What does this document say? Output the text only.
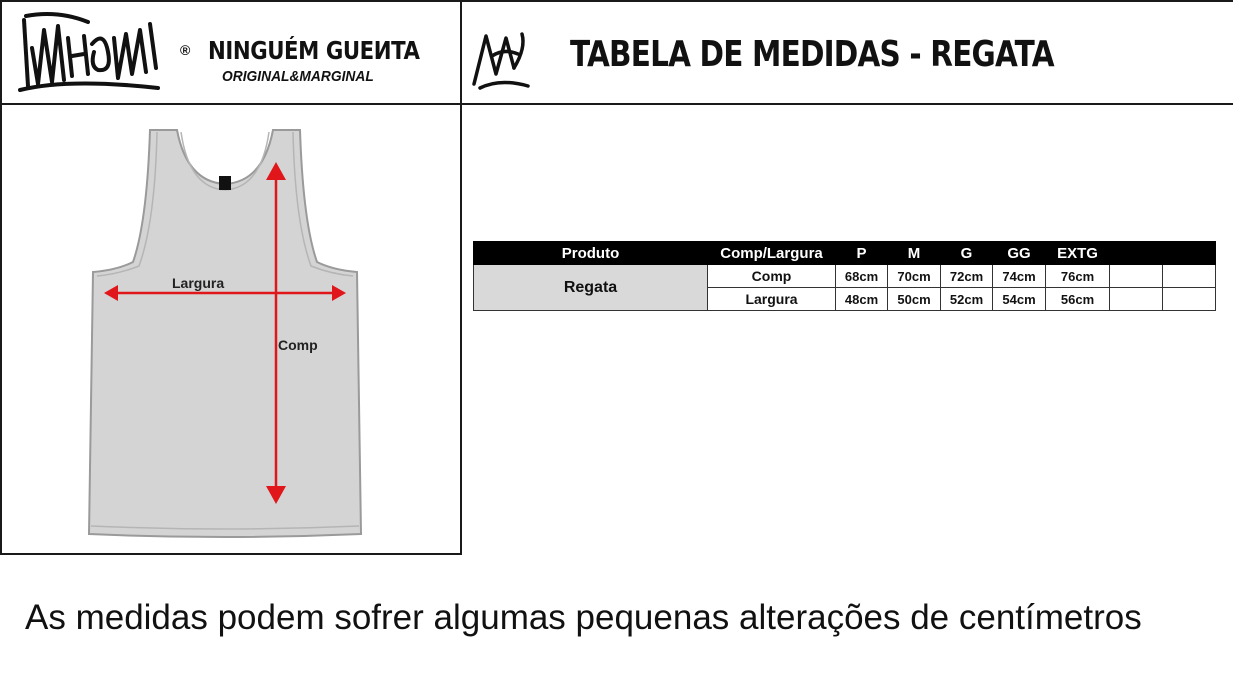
® NINGUÉM GUEИTA
ORIGINAL&MARGINAL
TABELA DE MEDIDAS - REGATA
Largura
Comp
Produto	Comp/Largura	P	M	G	GG	EXTG		
Regata	Comp	68cm	70cm	72cm	74cm	76cm		
	Largura	48cm	50cm	52cm	54cm	56cm		
As medidas podem sofrer algumas pequenas alterações de centímetros
